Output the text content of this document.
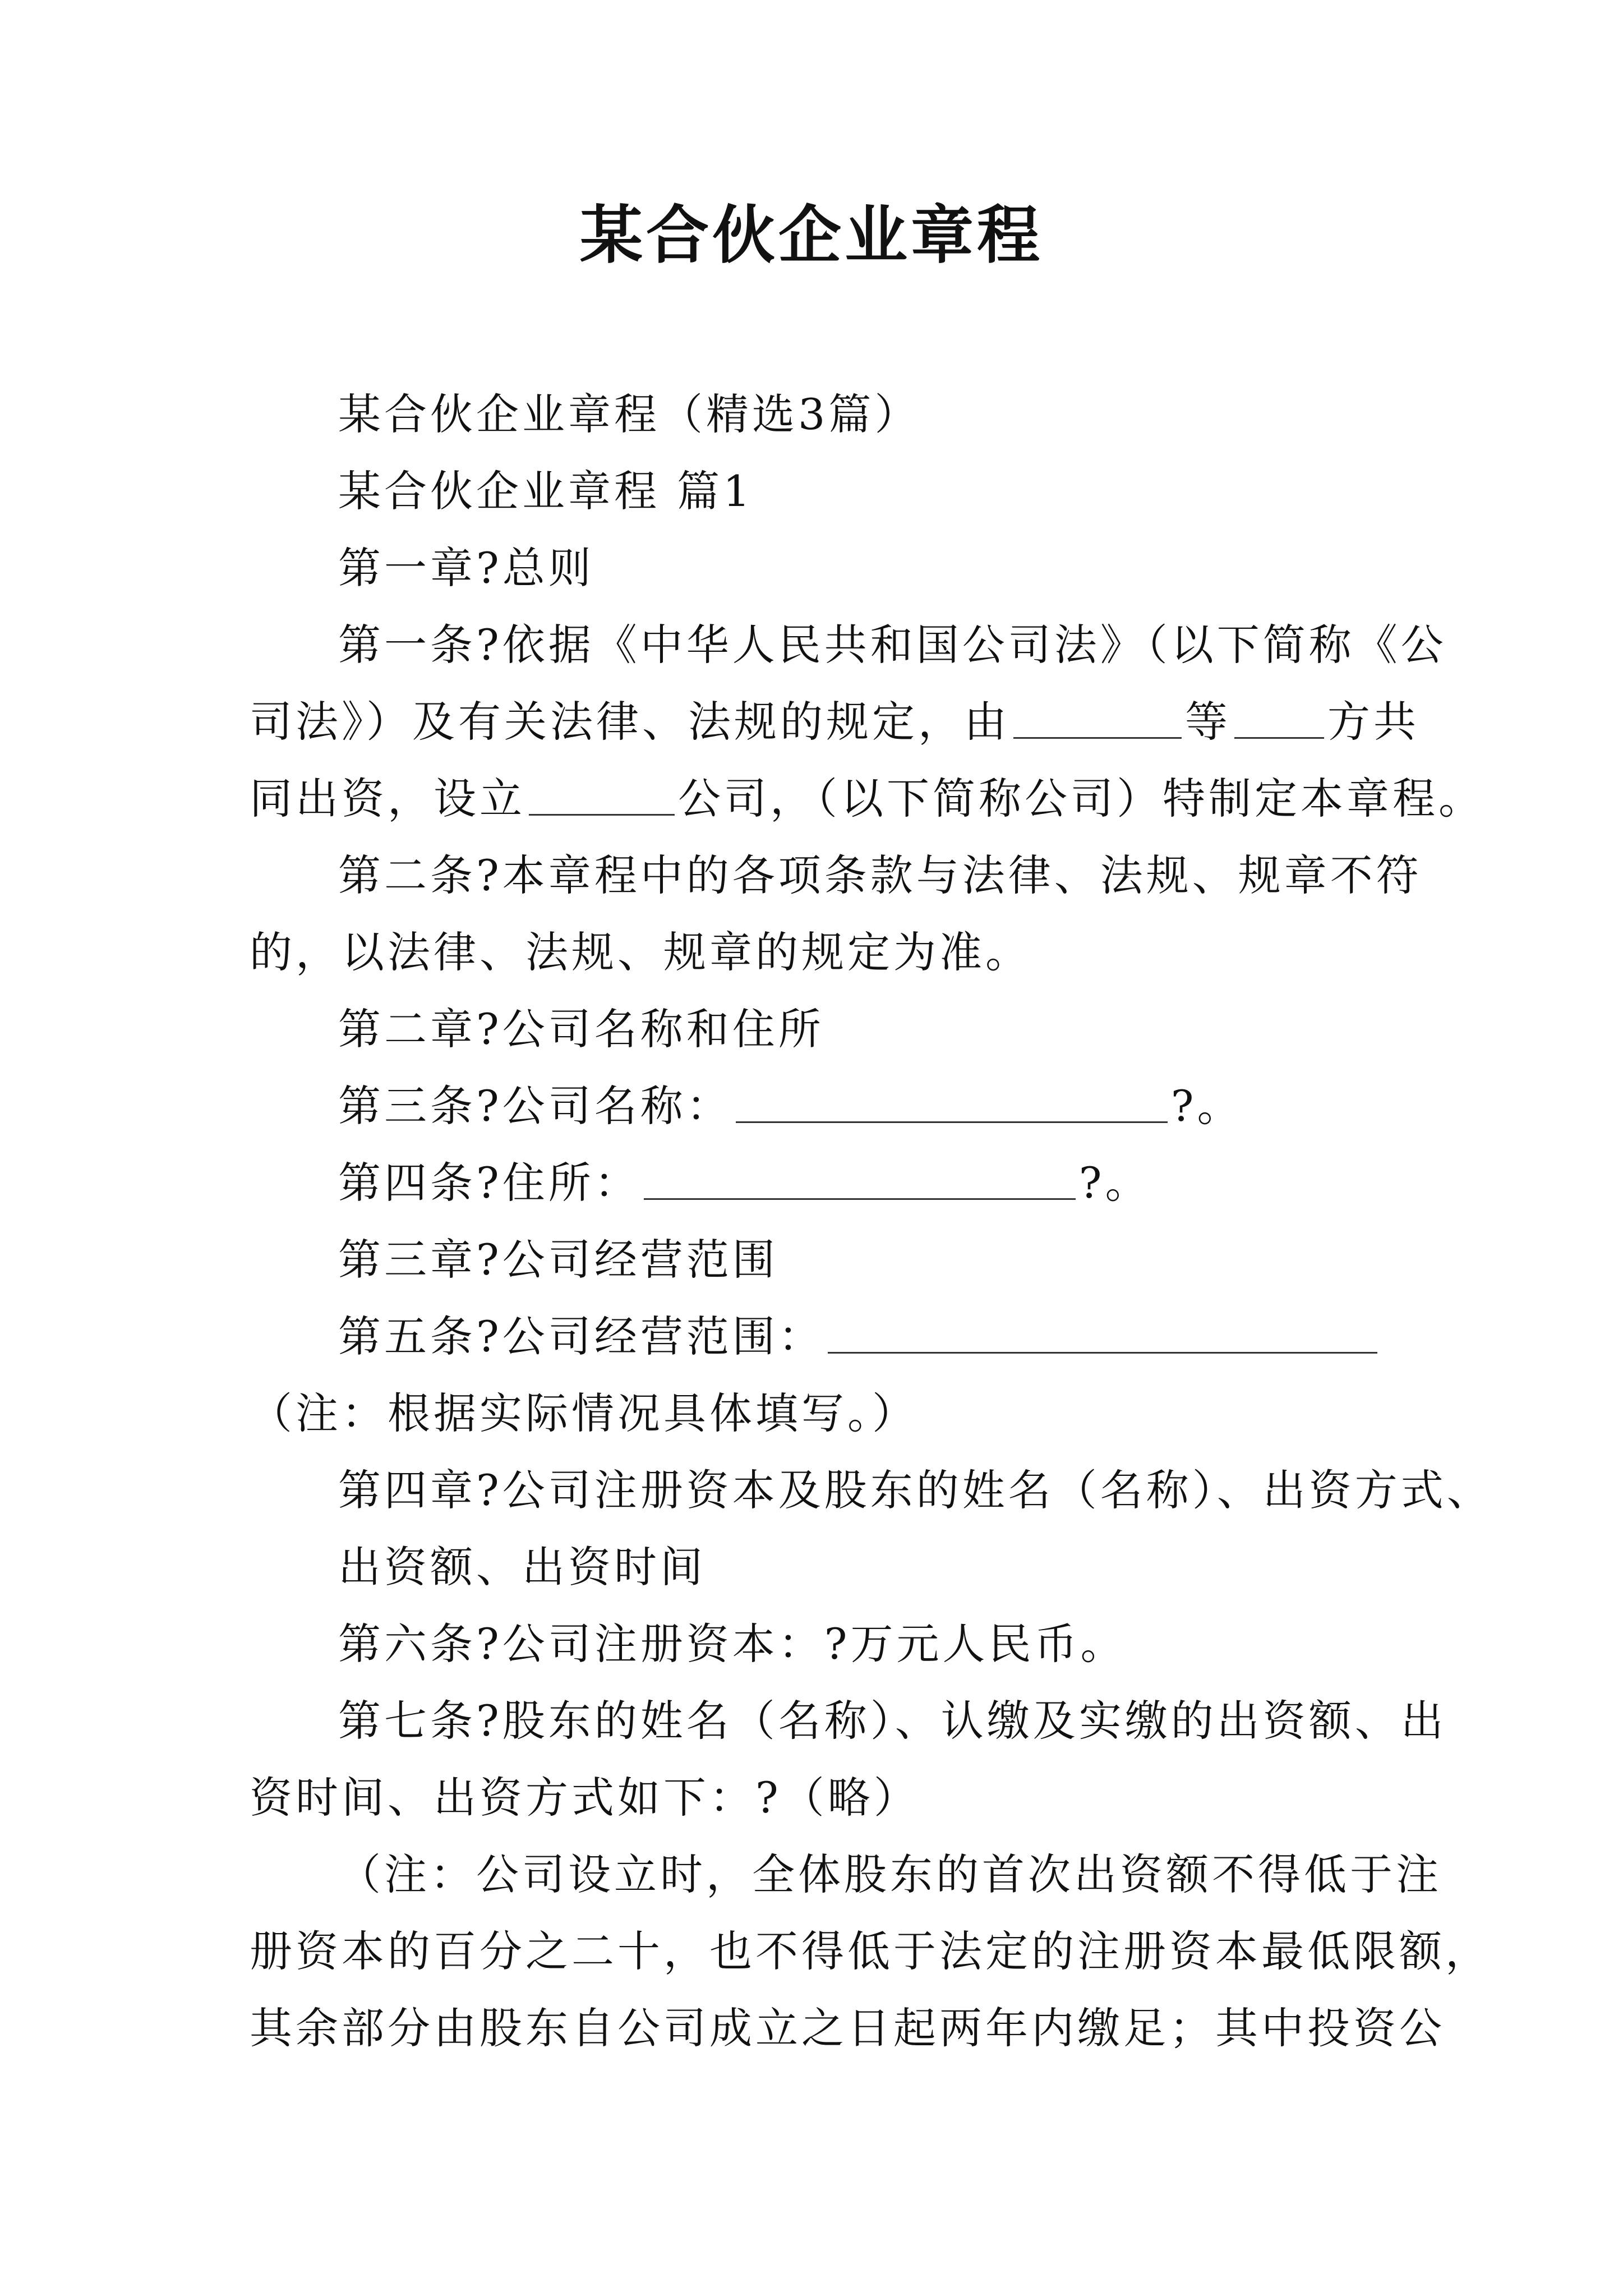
某合伙企业章程
某合伙企业章程（精选3篇）
某合伙企业章程 篇1
第一章?总则
第一条?依据《中华人民共和国公司法》（以下简称《公
司法》）及有关法律、法规的规定，由	等 方共
同出资，设立	公司，（以下简称公司）特制定本章程。
第二条?本章程中的各项条款与法律、法规、规章不符
的，以法律、法规、规章的规定为准。
第二章?公司名称和住所
第三条?公司名称：	?。
第四条?住所：	?。
第三章?公司经营范围
第五条?公司经营范围：
（注：根据实际情况具体填写。）
第四章?公司注册资本及股东的姓名（名称）、出资方式、
出资额、出资时间
第六条?公司注册资本：?万元人民币。
第七条?股东的姓名（名称）、认缴及实缴的出资额、出
资时间、出资方式如下：?（略）
（注：公司设立时，全体股东的首次出资额不得低于注
册资本的百分之二十，也不得低于法定的注册资本最低限额，
其余部分由股东自公司成立之日起两年内缴足；其中投资公
